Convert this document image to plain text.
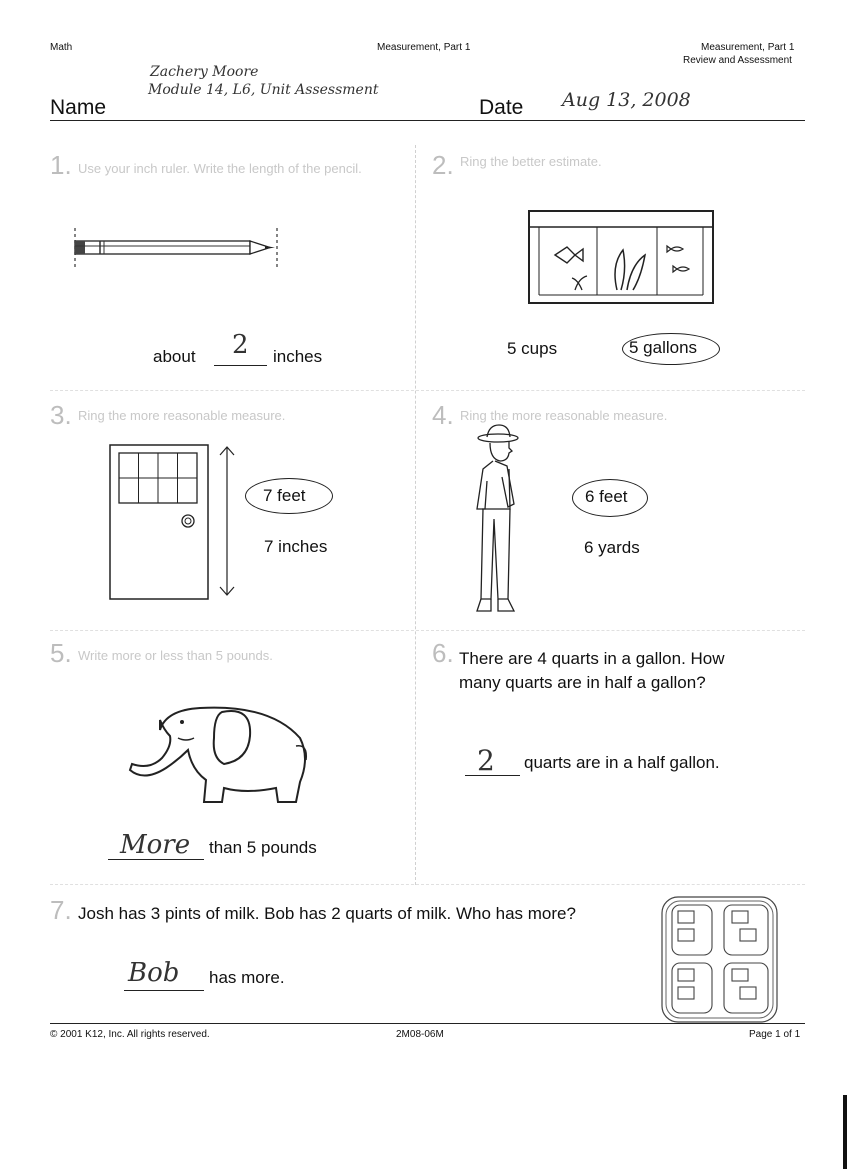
Math	Measurement, Part 1	Measurement, Part 1
Review and Assessment
Zachery Moore
Module 14, L6, Unit Assessment
Name	Date Aug 13, 2008
1. Use your inch ruler. Write the length of the pencil.
about 2 inches
2. Ring the better estimate.
5 cups	5 gallons
3. Ring the more reasonable measure.
7 feet
7 inches
4. Ring the more reasonable measure.
6 feet
6 yards
5. Write more or less than 5 pounds.
More than 5 pounds
6. There are 4 quarts in a gallon. How
many quarts are in half a gallon?
2 quarts are in a half gallon.
7. Josh has 3 pints of milk. Bob has 2 quarts of milk. Who has more?
Bob has more.
© 2001 K12, Inc. All rights reserved.	2M08-06M	Page 1 of 1
